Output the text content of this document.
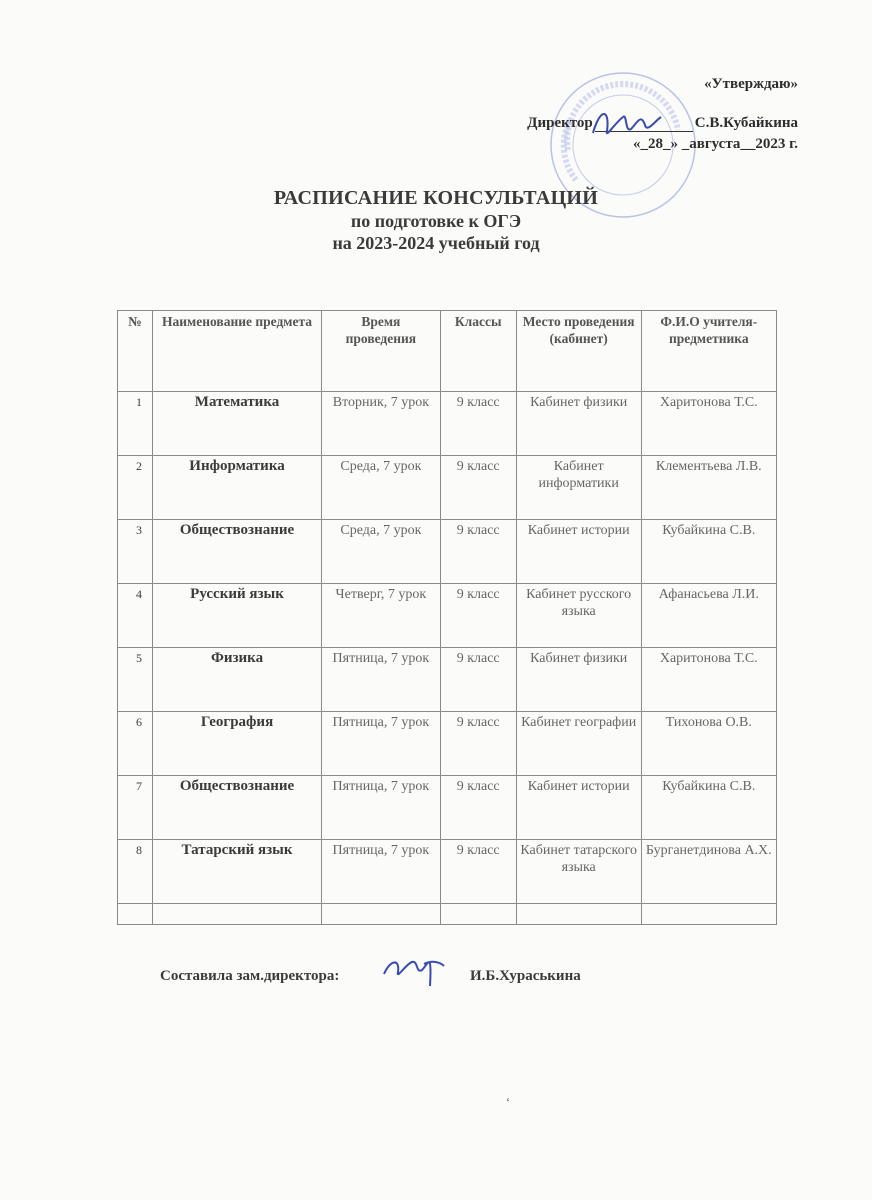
«Утверждаю»
Директор	С.В.Кубайкина
«_28_» _августа__2023 г.
РАСПИСАНИЕ КОНСУЛЬТАЦИЙ
по подготовке к ОГЭ
на 2023-2024 учебный год
№	Наименование предмета	Время проведения	Классы	Место проведения (кабинет)	Ф.И.О учителя-предметника
1	Математика	Вторник, 7 урок	9 класс	Кабинет физики	Харитонова Т.С.
2	Информатика	Среда, 7 урок	9 класс	Кабинет информатики	Клементьева Л.В.
3	Обществознание	Среда, 7 урок	9 класс	Кабинет истории	Кубайкина С.В.
4	Русский язык	Четверг, 7 урок	9 класс	Кабинет русского языка	Афанасьева Л.И.
5	Физика	Пятница, 7 урок	9 класс	Кабинет физики	Харитонова Т.С.
6	География	Пятница, 7 урок	9 класс	Кабинет географии	Тихонова О.В.
7	Обществознание	Пятница, 7 урок	9 класс	Кабинет истории	Кубайкина С.В.
8	Татарский язык	Пятница, 7 урок	9 класс	Кабинет татарского языка	Бурганетдинова А.Х.

Составила зам.директора:	И.Б.Хураськина
‘
